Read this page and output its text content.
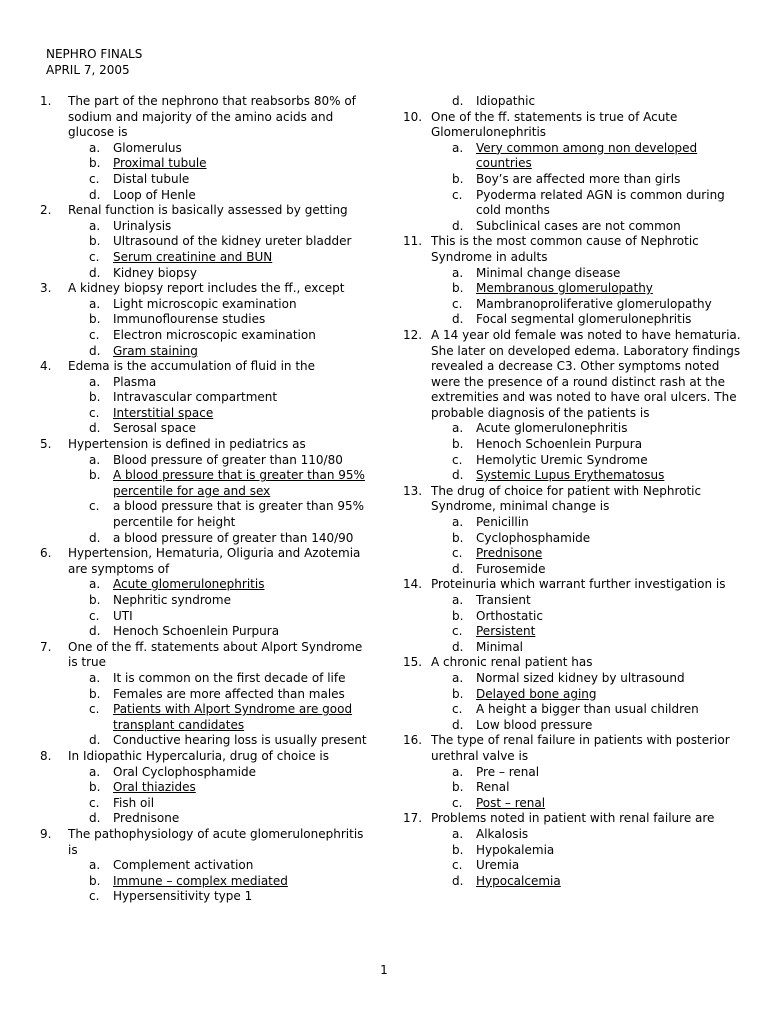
NEPHRO FINALS
APRIL 7, 2005
1.	The part of the nephrono that reabsorbs 80% of sodium and majority of the amino acids and glucose is
a. Glomerulus
b. Proximal tubule
c. Distal tubule
d. Loop of Henle
2.	Renal function is basically assessed by getting
a. Urinalysis
b. Ultrasound of the kidney ureter bladder
c. Serum creatinine and BUN
d. Kidney biopsy
3.	A kidney biopsy report includes the ff., except
a. Light microscopic examination
b. Immunoflourense studies
c. Electron microscopic examination
d. Gram staining
4.	Edema is the accumulation of fluid in the
a. Plasma
b. Intravascular compartment
c. Interstitial space
d. Serosal space
5.	Hypertension is defined in pediatrics as
a. Blood pressure of greater than 110/80
b. A blood pressure that is greater than 95% percentile for age and sex
c. a blood pressure that is greater than 95% percentile for height
d. a blood pressure of greater than 140/90
6.	Hypertension, Hematuria, Oliguria and Azotemia are symptoms of
a. Acute glomerulonephritis
b. Nephritic syndrome
c. UTI
d. Henoch Schoenlein Purpura
7.	One of the ff. statements about Alport Syndrome is true
a. It is common on the first decade of life
b. Females are more affected than males
c. Patients with Alport Syndrome are good transplant candidates
d. Conductive hearing loss is usually present
8.	In Idiopathic Hypercaluria, drug of choice is
a. Oral Cyclophosphamide
b. Oral thiazides
c. Fish oil
d. Prednisone
9.	The pathophysiology of acute glomerulonephritis is
a. Complement activation
b. Immune – complex mediated
c. Hypersensitivity type 1
d. Idiopathic
10. One of the ff. statements is true of Acute Glomerulonephritis
a. Very common among non developed countries
b. Boy’s are affected more than girls
c. Pyoderma related AGN is common during cold months
d. Subclinical cases are not common
11. This is the most common cause of Nephrotic Syndrome in adults
a. Minimal change disease
b. Membranous glomerulopathy
c. Mambranoproliferative glomerulopathy
d. Focal segmental glomerulonephritis
12. A 14 year old female was noted to have hematuria. She later on developed edema. Laboratory findings revealed a decrease C3. Other symptoms noted were the presence of a round distinct rash at the extremities and was noted to have oral ulcers. The probable diagnosis of the patients is
a. Acute glomerulonephritis
b. Henoch Schoenlein Purpura
c. Hemolytic Uremic Syndrome
d. Systemic Lupus Erythematosus
13. The drug of choice for patient with Nephrotic Syndrome, minimal change is
a. Penicillin
b. Cyclophosphamide
c. Prednisone
d. Furosemide
14. Proteinuria which warrant further investigation is
a. Transient
b. Orthostatic
c. Persistent
d. Minimal
15. A chronic renal patient has
a. Normal sized kidney by ultrasound
b. Delayed bone aging
c. A height a bigger than usual children
d. Low blood pressure
16. The type of renal failure in patients with posterior urethral valve is
a. Pre – renal
b. Renal
c. Post – renal
17. Problems noted in patient with renal failure are
a. Alkalosis
b. Hypokalemia
c. Uremia
d. Hypocalcemia
1
